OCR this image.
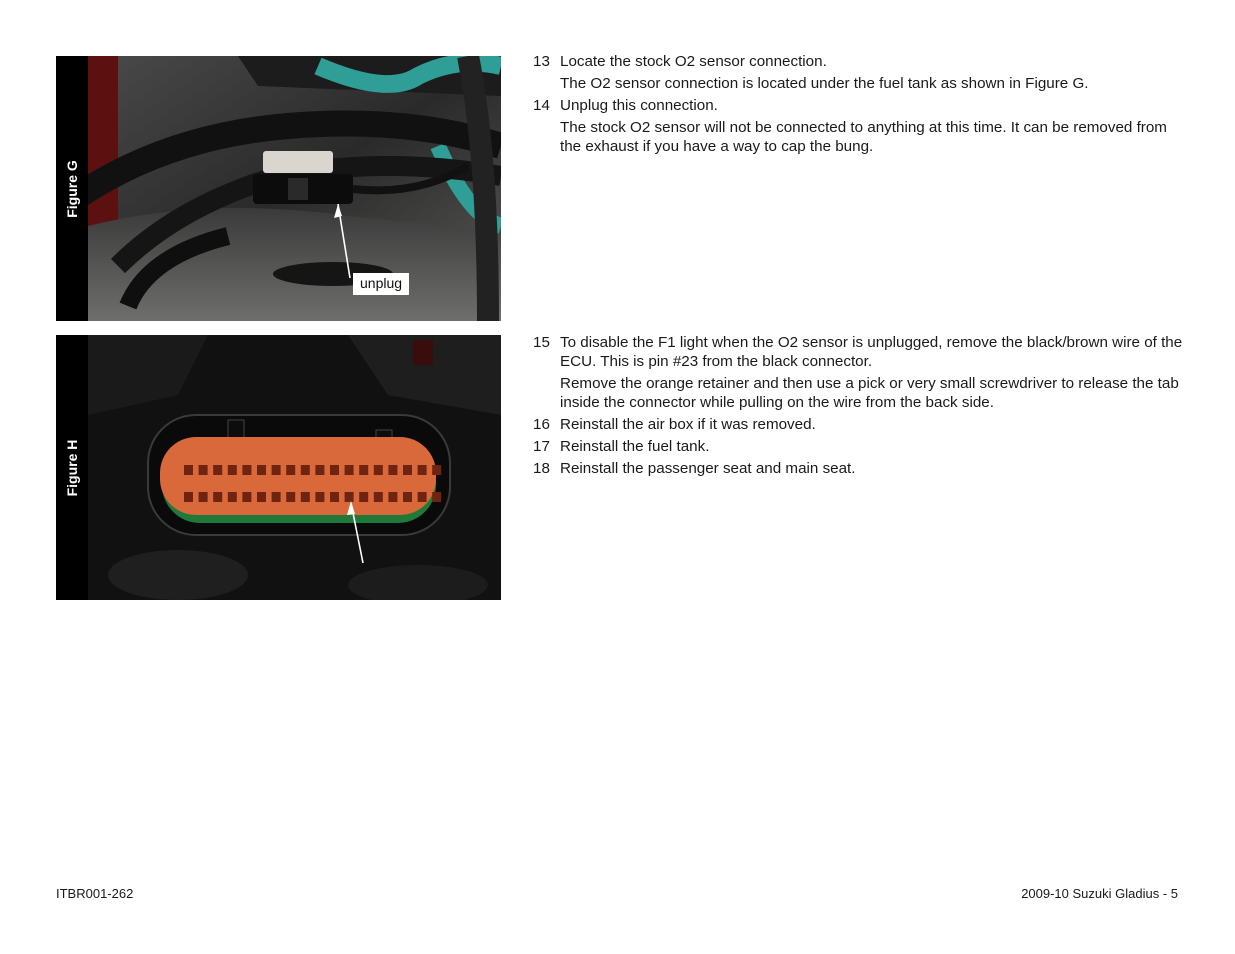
Figure G
unplug
Figure H
13 Locate the stock O2 sensor connection.
The O2 sensor connection is located under the fuel tank as shown in Figure G.
14 Unplug this connection.
The stock O2 sensor will not be connected to anything at this time. It can be removed from the exhaust if you have a way to cap the bung.
15 To disable the F1 light when the O2 sensor is unplugged, remove the black/brown wire of the ECU. This is pin #23 from the black connector.
Remove the orange retainer and then use a pick or very small screwdriver to release the tab inside the connector while pulling on the wire from the back side.
16 Reinstall the air box if it was removed.
17 Reinstall the fuel tank.
18 Reinstall the passenger seat and main seat.
ITBR001-262	2009-10 Suzuki Gladius - 5
